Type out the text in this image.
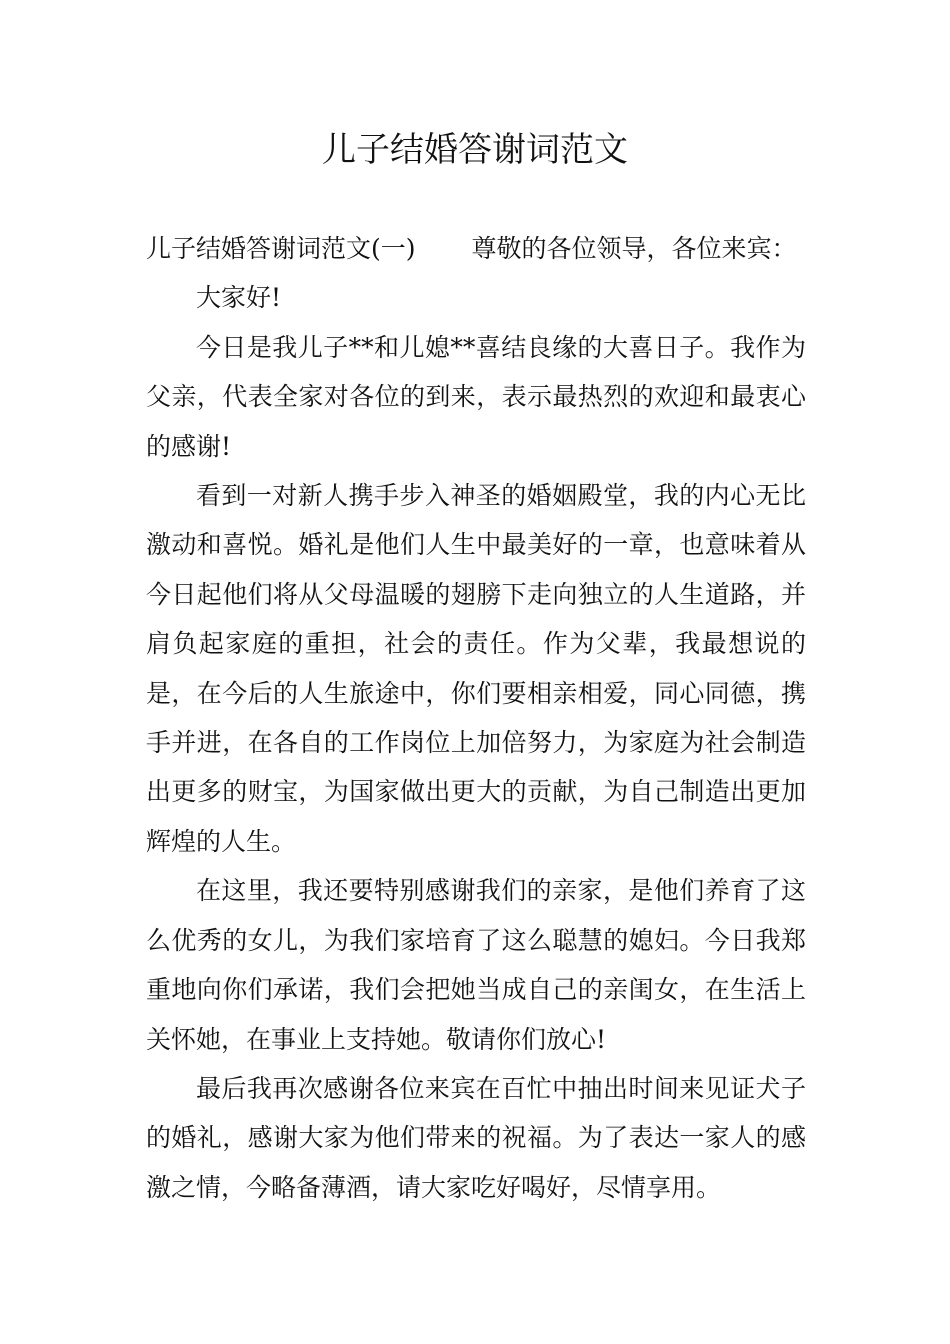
儿子结婚答谢词范文

儿子结婚答谢词范文(一) 尊敬的各位领导，各位来宾：

大家好!

今日是我儿子**和儿媳**喜结良缘的大喜日子。我作为父亲，代表全家对各位的到来，表示最热烈的欢迎和最衷心的感谢!

看到一对新人携手步入神圣的婚姻殿堂，我的内心无比激动和喜悦。婚礼是他们人生中最美好的一章，也意味着从今日起他们将从父母温暖的翅膀下走向独立的人生道路，并肩负起家庭的重担，社会的责任。作为父辈，我最想说的是，在今后的人生旅途中，你们要相亲相爱，同心同德，携手并进，在各自的工作岗位上加倍努力，为家庭为社会制造出更多的财宝，为国家做出更大的贡献，为自己制造出更加辉煌的人生。

在这里，我还要特别感谢我们的亲家，是他们养育了这么优秀的女儿，为我们家培育了这么聪慧的媳妇。今日我郑重地向你们承诺，我们会把她当成自己的亲闺女，在生活上关怀她，在事业上支持她。敬请你们放心!

最后我再次感谢各位来宾在百忙中抽出时间来见证犬子的婚礼，感谢大家为他们带来的祝福。为了表达一家人的感激之情，今略备薄酒，请大家吃好喝好，尽情享用。
